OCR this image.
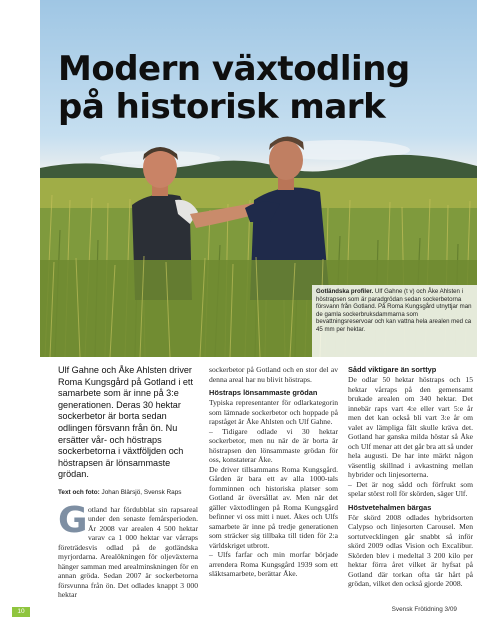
Modern växtodling
på historisk mark
Gotländska profiler. Ulf Gahne (t v) och Åke Ahlsten i höstrapsen som är paradgrödan sedan sockerbetorna försvann från Gotland. På Roma Kungsgård utnyttjar man de gamla sockerbruksdammarna som bevattningsreservoar och kan vattna hela arealen med ca 45 mm per hektar.

Ulf Gahne och Åke Ahlsten driver Roma Kungsgård på Gotland i ett samarbete som är inne på 3:e generationen. Deras 30 hektar sockerbetor är borta sedan odlingen försvann från ön. Nu ersätter vår- och höstraps sockerbetorna i växtföljden och höstrapsen är lönsammaste grödan.

Text och foto: Johan Blärsjö, Svensk Raps

G otland har fördubblat sin rapsareal under den senaste femårsperioden. År 2008 var arealen 4 500 hektar varav ca 1 000 hektar var vårraps företrädesvis odlad på de gotländska myrjordarna. Arealökningen för oljeväxterna hänger samman med arealminskningen för en annan gröda. Sedan 2007 är sockerbetorna försvunna från ön. Det odlades knappt 3 000 hektar

sockerbetor på Gotland och en stor del av denna areal har nu blivit höstraps.

Höstraps lönsammaste grödan

Typiska representanter för odlarkategorin som lämnade sockerbetor och hoppade på rapståget är Åke Ahlsten och Ulf Gahne.

– Tidigare odlade vi 30 hektar sockerbetor, men nu när de är borta är höstrapsen den lönsammaste grödan för oss, konstaterar Åke.

De driver tillsammans Roma Kungsgård. Gården är bara ett av alla 1000-tals fornminnen och historiska platser som Gotland är översållat av. Men när det gäller växtodlingen på Roma Kungsgård befinner vi oss mitt i nuet. Åkes och Ulfs samarbete är inne på tredje generationen som sträcker sig tillbaka till tiden för 2:a världskriget utbrott.

– Ulfs farfar och min morfar började arrendera Roma Kungsgård 1939 som ett släktsamarbete, berättar Åke.

Sådd viktigare än sorttyp

De odlar 50 hektar höstraps och 15 hektar vårraps på den gemensamt brukade arealen om 340 hektar. Det innebär raps vart 4:e eller vart 5:e år men det kan också bli vart 3:e år om valet av lämpliga fält skulle kräva det. Gotland har ganska milda höstar så Åke och Ulf menar att det går bra att så under hela augusti. De har inte märkt någon väsentlig skillnad i avkastning mellan hybrider och linjesorterna.

– Det är nog sådd och förfrukt som spelar störst roll för skörden, säger Ulf.

Höstvetehalmen bärgas

För skörd 2008 odlades hybridsorten Calypso och linjesorten Carousel. Men sortutvecklingen går snabbt så inför skörd 2009 odlas Vision och Excalibur. Skörden blev i medeltal 3 200 kilo per hektar förra året vilket är hyfsat på Gotland där torkan ofta tär hårt på grödan, vilket den också gjorde 2008.

10	Svensk Frötidning 3/09
